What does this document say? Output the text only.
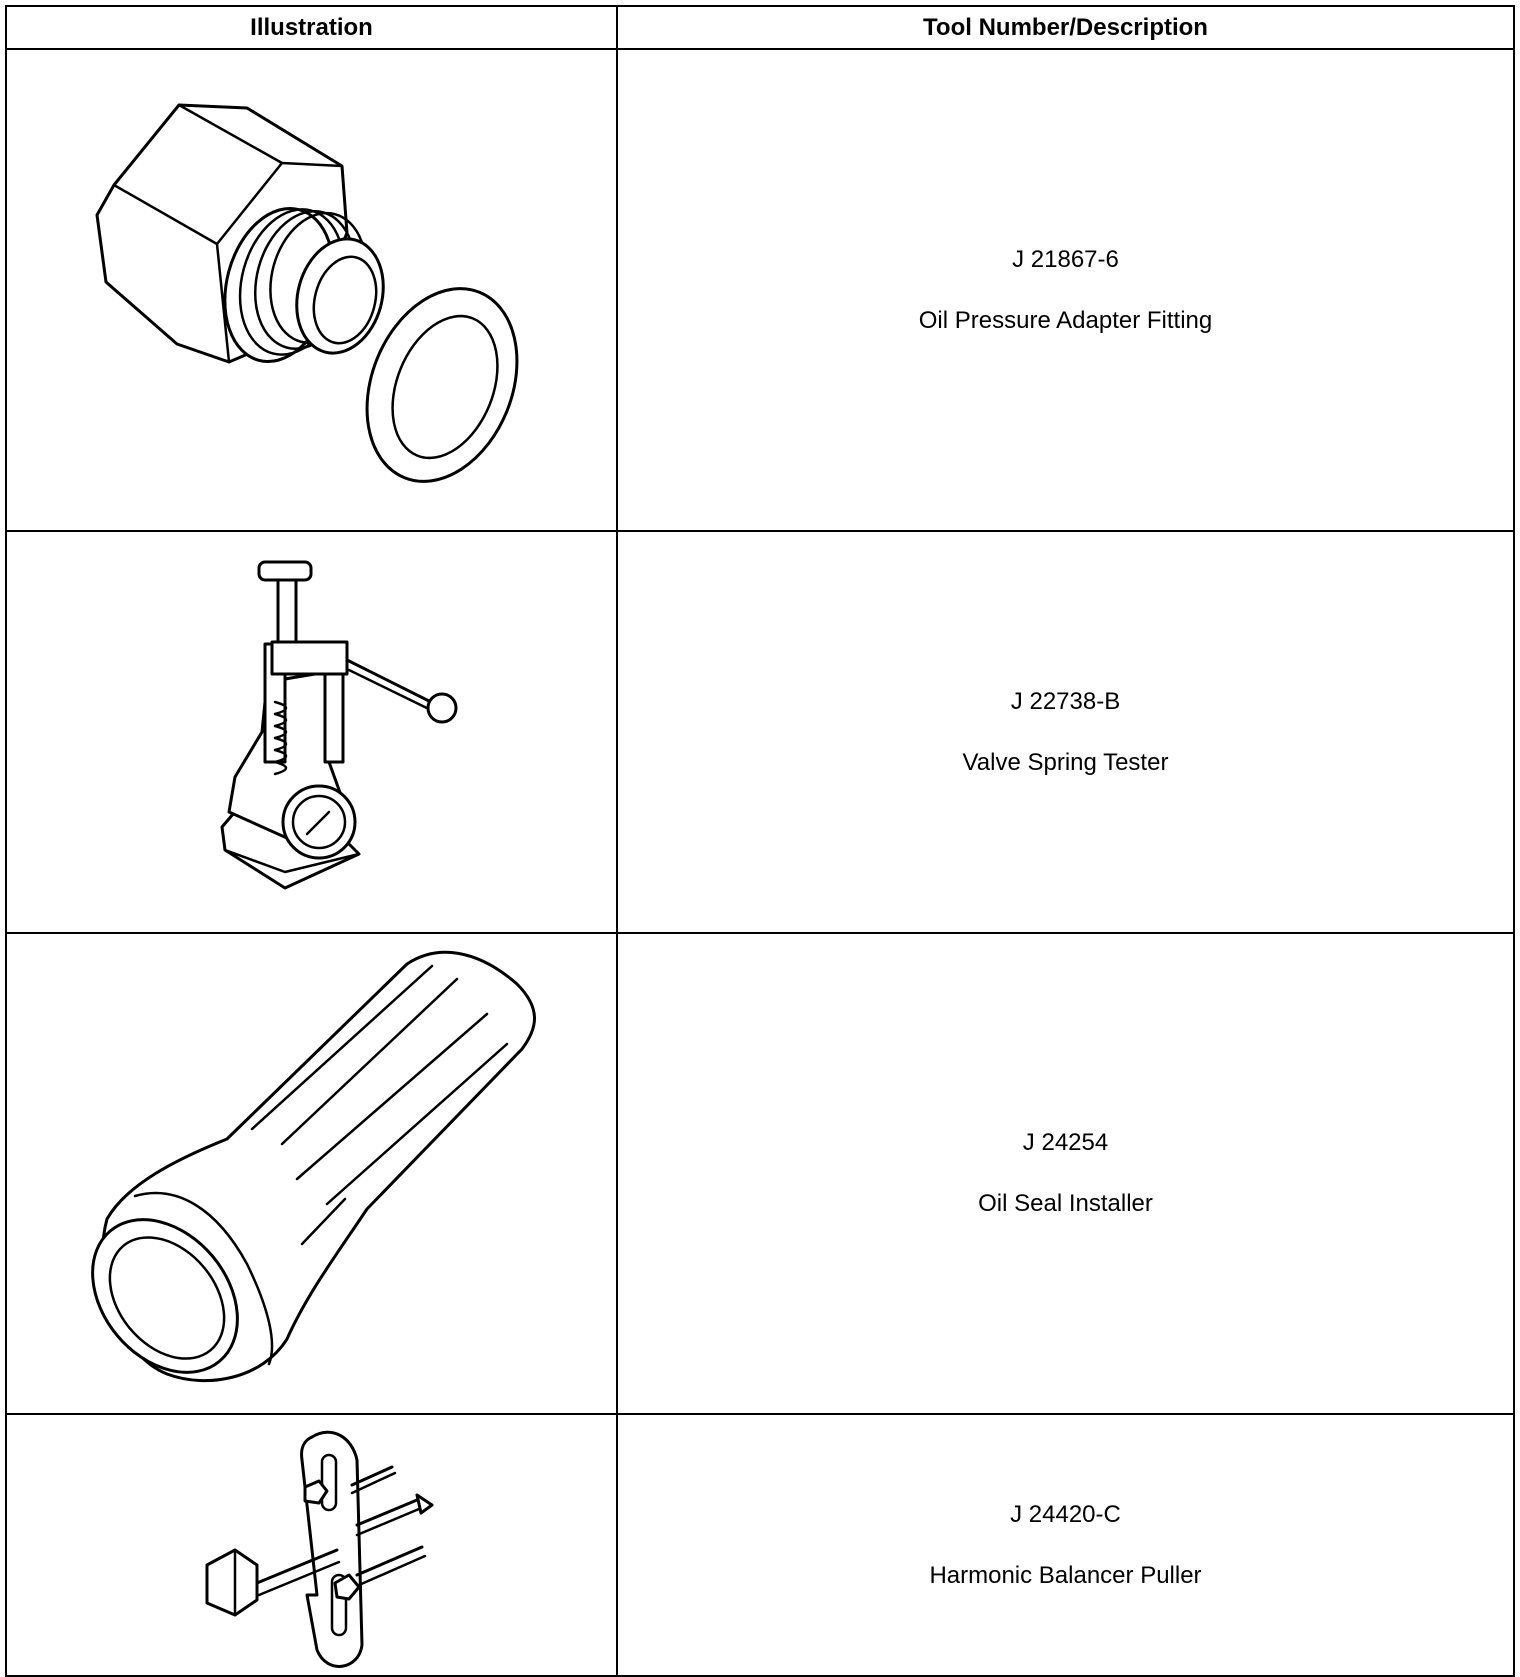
Illustration	Tool Number/Description

J 21867-6
Oil Pressure Adapter Fitting

J 22738-B
Valve Spring Tester

J 24254
Oil Seal Installer

J 24420-C
Harmonic Balancer Puller
